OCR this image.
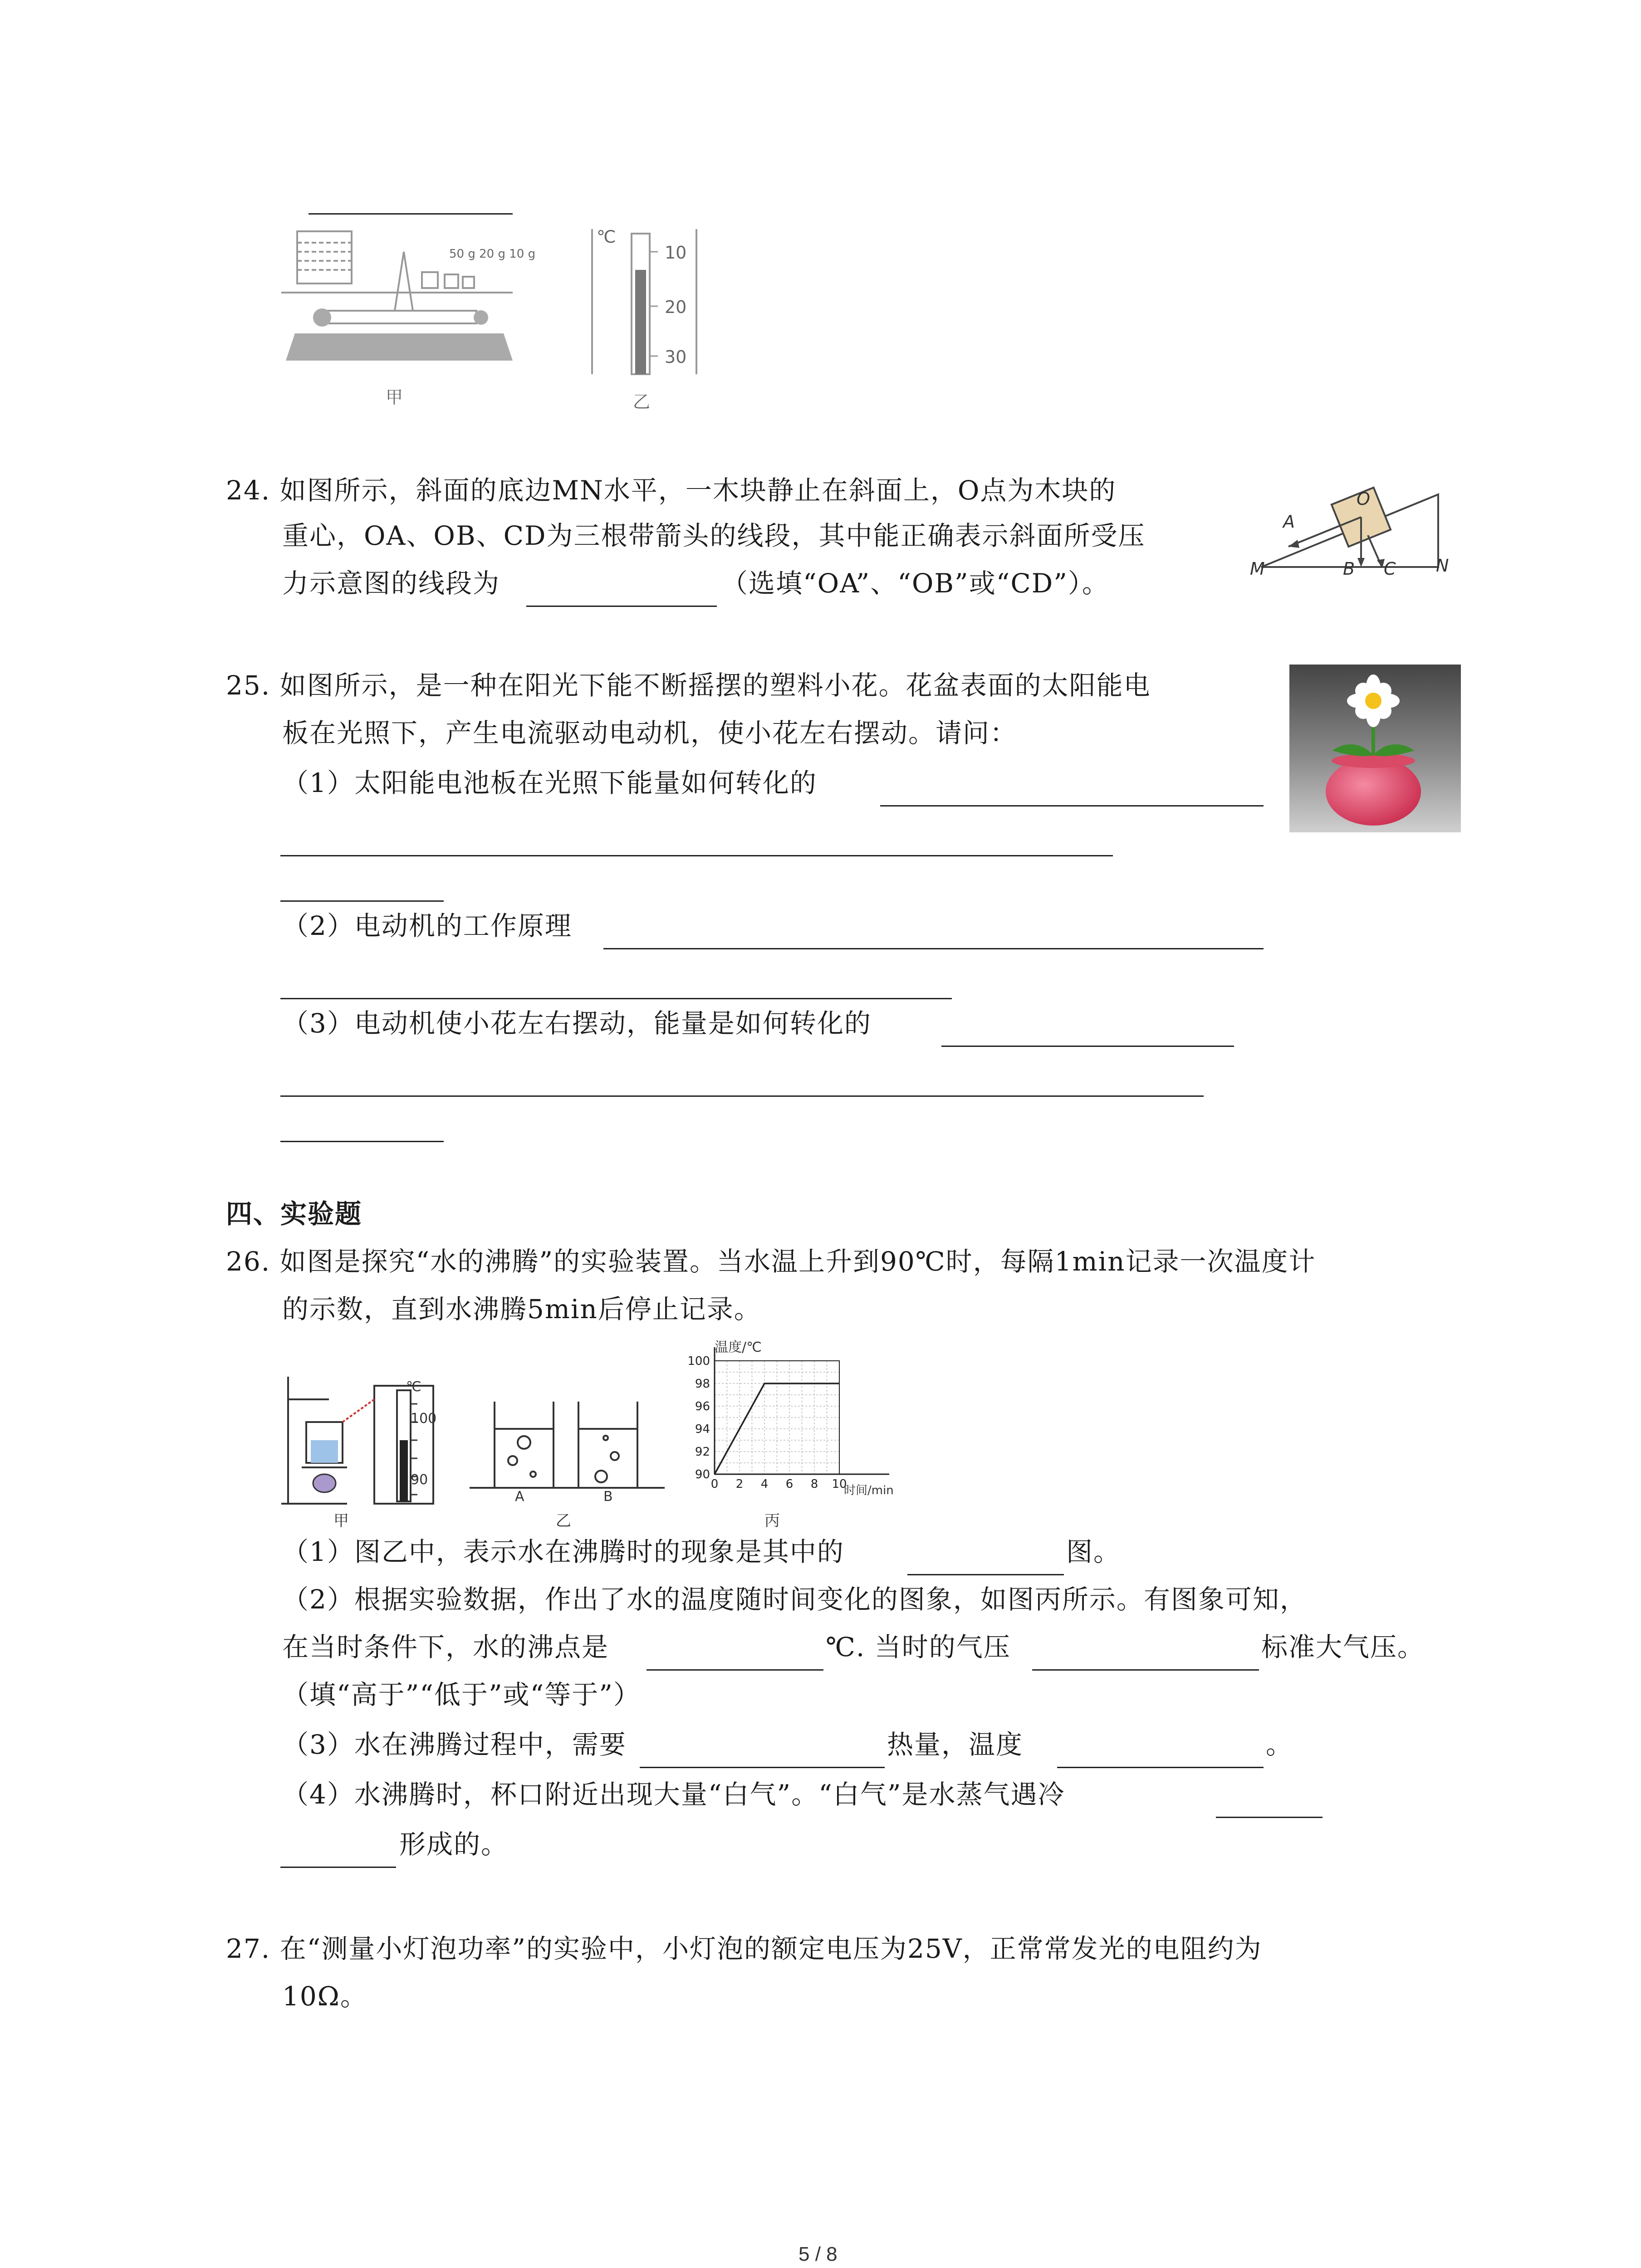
50 g 20 g 10 g
甲
℃
10
20
30
乙
24. 如图所示，斜面的底边MN水平，一木块静止在斜面上，O点为木块的
重心，OA、OB、CD为三根带箭头的线段，其中能正确表示斜面所受压
力示意图的线段为	（选填“OA”、“OB”或“CD”）。
O
A
M	B C N
25. 如图所示，是一种在阳光下能不断摇摆的塑料小花。花盆表面的太阳能电
板在光照下，产生电流驱动电动机，使小花左右摆动。请问：
（1）太阳能电池板在光照下能量如何转化的
（2）电动机的工作原理
（3）电动机使小花左右摆动，能量是如何转化的
四、实验题
26. 如图是探究“水的沸腾”的实验装置。当水温上升到90℃时，每隔1min记录一次温度计
的示数，直到水沸腾5min后停止记录。
℃
100
90
甲
A	B
乙
0 2 4 6 8 10
90
92
94
96
98
100
温度/℃
时间/min
丙
（1）图乙中，表示水在沸腾时的现象是其中的	图。
（2）根据实验数据，作出了水的温度随时间变化的图象，如图丙所示。有图象可知，
在当时条件下，水的沸点是	℃. 当时的气压	标准大气压。
（填“高于”“低于”或“等于”）
（3）水在沸腾过程中，需要	热量，温度	。
（4）水沸腾时，杯口附近出现大量“白气”。“白气”是水蒸气遇冷
形成的。
27. 在“测量小灯泡功率”的实验中，小灯泡的额定电压为25V，正常常发光的电阻约为
10Ω。
5 / 8
